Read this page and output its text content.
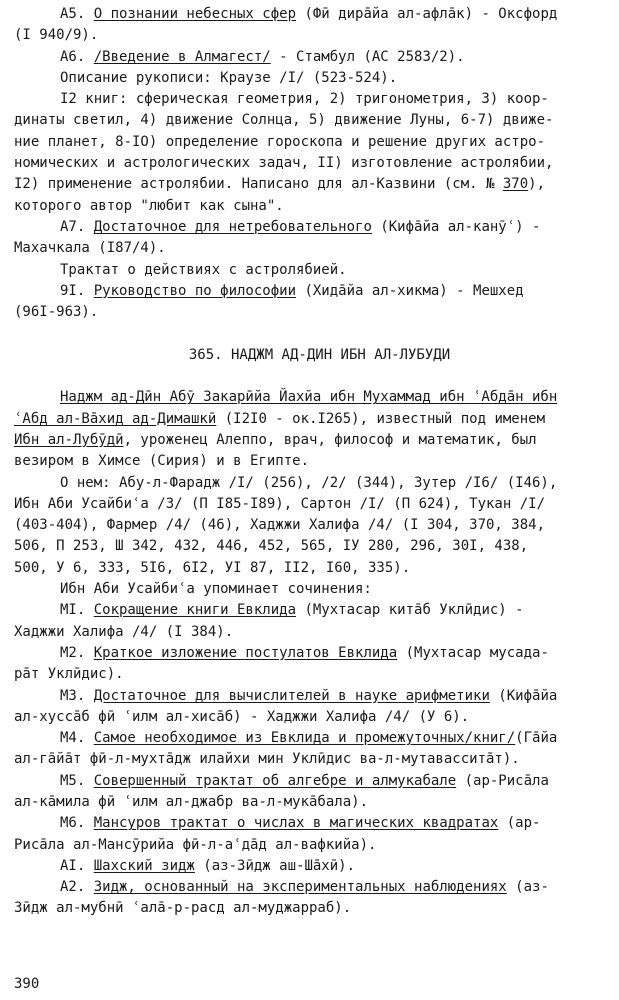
A5. О познании небесных сфер (Фӣ дира̄йа ал-афла̄к) - Оксфорд
(I 940/9).
A6. /Введение в Алмагест/ - Стамбул (АС 2583/2).
Описание рукописи: Краузе /I/ (523-524).
I2 книг: сферическая геометрия, 2) тригонометрия, 3) коор-
динаты светил, 4) движение Солнца, 5) движение Луны, 6-7) движе-
ние планет, 8-IO) определение гороскопа и решение других астро-
номических и астрологических задач, II) изготовление астролябии,
I2) применение астролябии. Написано для ал-Казвини (см. № 370),
которого автор "любит как сына".
A7. Достаточное для нетребовательного (Кифа̄йа ал-канӯʿ) -
Махачкала (I87/4).
Трактат о действиях с астролябией.
9I. Руководство по философии (Хида̄йа ал-хикма) - Мешхед
(96I-963).
365. НАДЖМ АД-ДИН ИБН АЛ-ЛУБУДИ
Наджм ад-Дӣн Абӯ Закарӣйа Йахйа ибн Мухаммад ибн ʿАбда̄н ибн
ʿАбд ал-Ва̄хид ад-Димашкӣ (I2I0 - ок.I265), известный под именем
Ибн ал-Лубӯдӣ, уроженец Алеппо, врач, философ и математик, был
везиром в Химсе (Сирия) и в Египте.
О нем: Абу-л-Фарадж /I/ (256), /2/ (344), Зутер /I6/ (I46),
Ибн Аби Усайбиʿа /3/ (П I85-I89), Сартон /I/ (П 624), Тукан /I/
(403-404), Фармер /4/ (46), Хаджжи Халифа /4/ (I 304, 370, 384,
506, П 253, Ш 342, 432, 446, 452, 565, IУ 280, 296, 30I, 438,
500, У 6, 333, 5I6, 6I2, УI 87, II2, I60, 335).
Ибн Аби Усайбиʿа упоминает сочинения:
MI. Сокращение книги Евклида (Мухтасар кита̄б Уклӣдис) -
Хаджжи Халифа /4/ (I 384).
M2. Краткое изложение постулатов Евклида (Мухтасар мусада-
ра̄т Уклӣдис).
M3. Достаточное для вычислителей в науке арифметики (Кифа̄йа
ал-хусса̄б фӣ ʿилм ал-хиса̄б) - Хаджжи Халифа /4/ (У 6).
M4. Самое необходимое из Евклида и промежуточных/книг/(Га̄йа
ал-га̄йа̄т фӣ-л-мухта̄дж илайхи мин Уклӣдис ва-л-мутавассита̄т).
M5. Совершенный трактат об алгебре и алмукабале (ар-Риса̄ла
ал-ка̄мила фӣ ʿилм ал-джабр ва-л-мука̄бала).
M6. Мансуров трактат о числах в магических квадратах (ар-
Риса̄ла ал-Мансӯрийа фӣ-л-аʿда̄д ал-вафкийа).
AI. Шахский зидж (аз-Зӣдж аш-Ша̄хӣ).
A2. Зидж, основанный на экспериментальных наблюдениях (аз-
Зӣдж ал-мубнӣ ʿала̄-р-расд ал-муджарраб).
390
